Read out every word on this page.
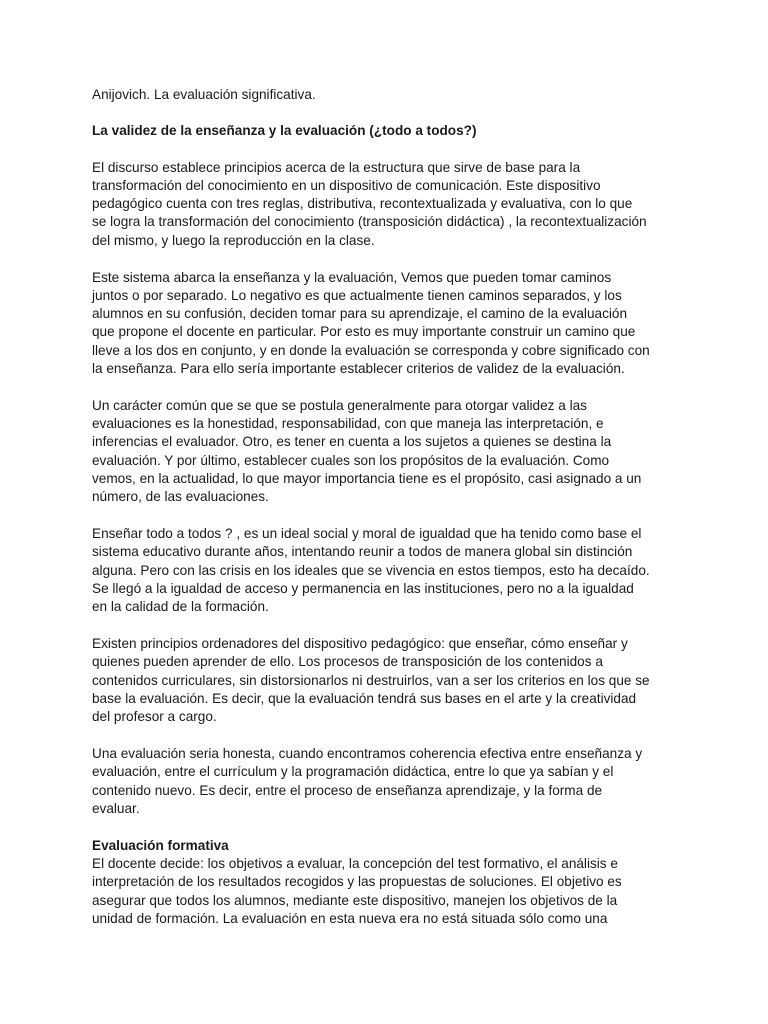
Anijovich. La evaluación significativa.
La validez de la enseñanza y la evaluación (¿todo a todos?)
El discurso establece principios acerca de la estructura que sirve de base para la
transformación del conocimiento en un dispositivo de comunicación. Este dispositivo
pedagógico cuenta con tres reglas, distributiva, recontextualizada y evaluativa, con lo que
se logra la transformación del conocimiento (transposición didáctica) , la recontextualización
del mismo, y luego la reproducción en la clase.
Este sistema abarca la enseñanza y la evaluación, Vemos que pueden tomar caminos
juntos o por separado. Lo negativo es que actualmente tienen caminos separados, y los
alumnos en su confusión, deciden tomar para su aprendizaje, el camino de la evaluación
que propone el docente en particular. Por esto es muy importante construir un camino que
lleve a los dos en conjunto, y en donde la evaluación se corresponda y cobre significado con
la enseñanza. Para ello sería importante establecer criterios de validez de la evaluación.
Un carácter común que se que se postula generalmente para otorgar validez a las
evaluaciones es la honestidad, responsabilidad, con que maneja las interpretación, e
inferencias el evaluador. Otro, es tener en cuenta a los sujetos a quienes se destina la
evaluación. Y por último, establecer cuales son los propósitos de la evaluación. Como
vemos, en la actualidad, lo que mayor importancia tiene es el propósito, casi asignado a un
número, de las evaluaciones.
Enseñar todo a todos ? , es un ideal social y moral de igualdad que ha tenido como base el
sistema educativo durante años, intentando reunir a todos de manera global sin distinción
alguna. Pero con las crisis en los ideales que se vivencia en estos tiempos, esto ha decaído.
Se llegó a la igualdad de acceso y permanencia en las instituciones, pero no a la igualdad
en la calidad de la formación.
Existen principios ordenadores del dispositivo pedagógico: que enseñar, cómo enseñar y
quienes pueden aprender de ello. Los procesos de transposición de los contenidos a
contenidos curriculares, sin distorsionarlos ni destruirlos, van a ser los criterios en los que se
base la evaluación. Es decir, que la evaluación tendrá sus bases en el arte y la creatividad
del profesor a cargo.
Una evaluación seria honesta, cuando encontramos coherencia efectiva entre enseñanza y
evaluación, entre el currículum y la programación didáctica, entre lo que ya sabían y el
contenido nuevo. Es decir, entre el proceso de enseñanza aprendizaje, y la forma de
evaluar.
Evaluación formativa
El docente decide: los objetivos a evaluar, la concepción del test formativo, el análisis e
interpretación de los resultados recogidos y las propuestas de soluciones. El objetivo es
asegurar que todos los alumnos, mediante este dispositivo, manejen los objetivos de la
unidad de formación. La evaluación en esta nueva era no está situada sólo como una
